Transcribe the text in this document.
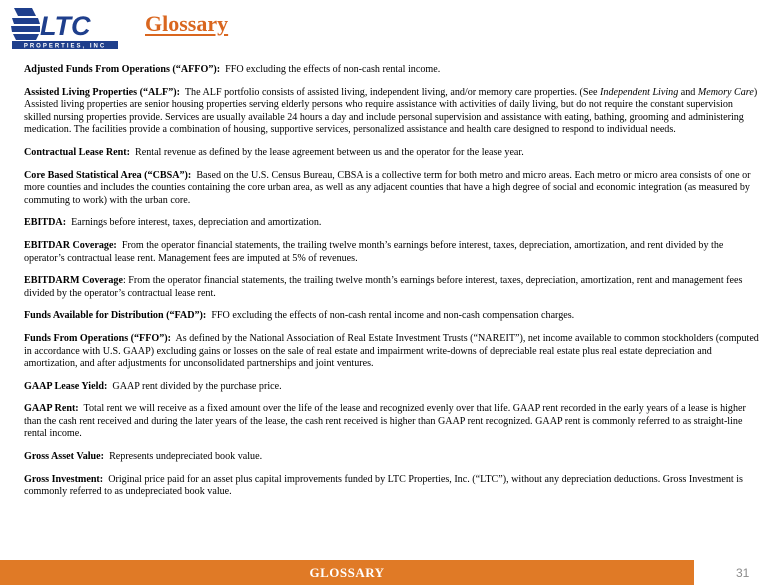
LTC
PROPERTIES, INC
Glossary

Adjusted Funds From Operations (“AFFO”): FFO excluding the effects of non-cash rental income.

Assisted Living Properties (“ALF”): The ALF portfolio consists of assisted living, independent living, and/or memory care properties. (See Independent Living and Memory Care) Assisted living properties are senior housing properties serving elderly persons who require assistance with activities of daily living, but do not require the constant supervision skilled nursing properties provide. Services are usually available 24 hours a day and include personal supervision and assistance with eating, bathing, grooming and administering medication. The facilities provide a combination of housing, supportive services, personalized assistance and health care designed to respond to individual needs.

Contractual Lease Rent: Rental revenue as defined by the lease agreement between us and the operator for the lease year.

Core Based Statistical Area (“CBSA”): Based on the U.S. Census Bureau, CBSA is a collective term for both metro and micro areas. Each metro or micro area consists of one or more counties and includes the counties containing the core urban area, as well as any adjacent counties that have a high degree of social and economic integration (as measured by commuting to work) with the urban core.

EBITDA: Earnings before interest, taxes, depreciation and amortization.

EBITDAR Coverage: From the operator financial statements, the trailing twelve month’s earnings before interest, taxes, depreciation, amortization, and rent divided by the operator’s contractual lease rent. Management fees are imputed at 5% of revenues.

EBITDARM Coverage: From the operator financial statements, the trailing twelve month’s earnings before interest, taxes, depreciation, amortization, rent and management fees divided by the operator’s contractual lease rent.

Funds Available for Distribution (“FAD”): FFO excluding the effects of non-cash rental income and non-cash compensation charges.

Funds From Operations (“FFO”): As defined by the National Association of Real Estate Investment Trusts (“NAREIT”), net income available to common stockholders (computed in accordance with U.S. GAAP) excluding gains or losses on the sale of real estate and impairment write-downs of depreciable real estate plus real estate depreciation and amortization, and after adjustments for unconsolidated partnerships and joint ventures.

GAAP Lease Yield: GAAP rent divided by the purchase price.

GAAP Rent: Total rent we will receive as a fixed amount over the life of the lease and recognized evenly over that life. GAAP rent recorded in the early years of a lease is higher than the cash rent received and during the later years of the lease, the cash rent received is higher than GAAP rent recognized. GAAP rent is commonly referred to as straight-line rental income.

Gross Asset Value: Represents undepreciated book value.

Gross Investment: Original price paid for an asset plus capital improvements funded by LTC Properties, Inc. (“LTC”), without any depreciation deductions. Gross Investment is commonly referred to as undepreciated book value.

GLOSSARY	31
